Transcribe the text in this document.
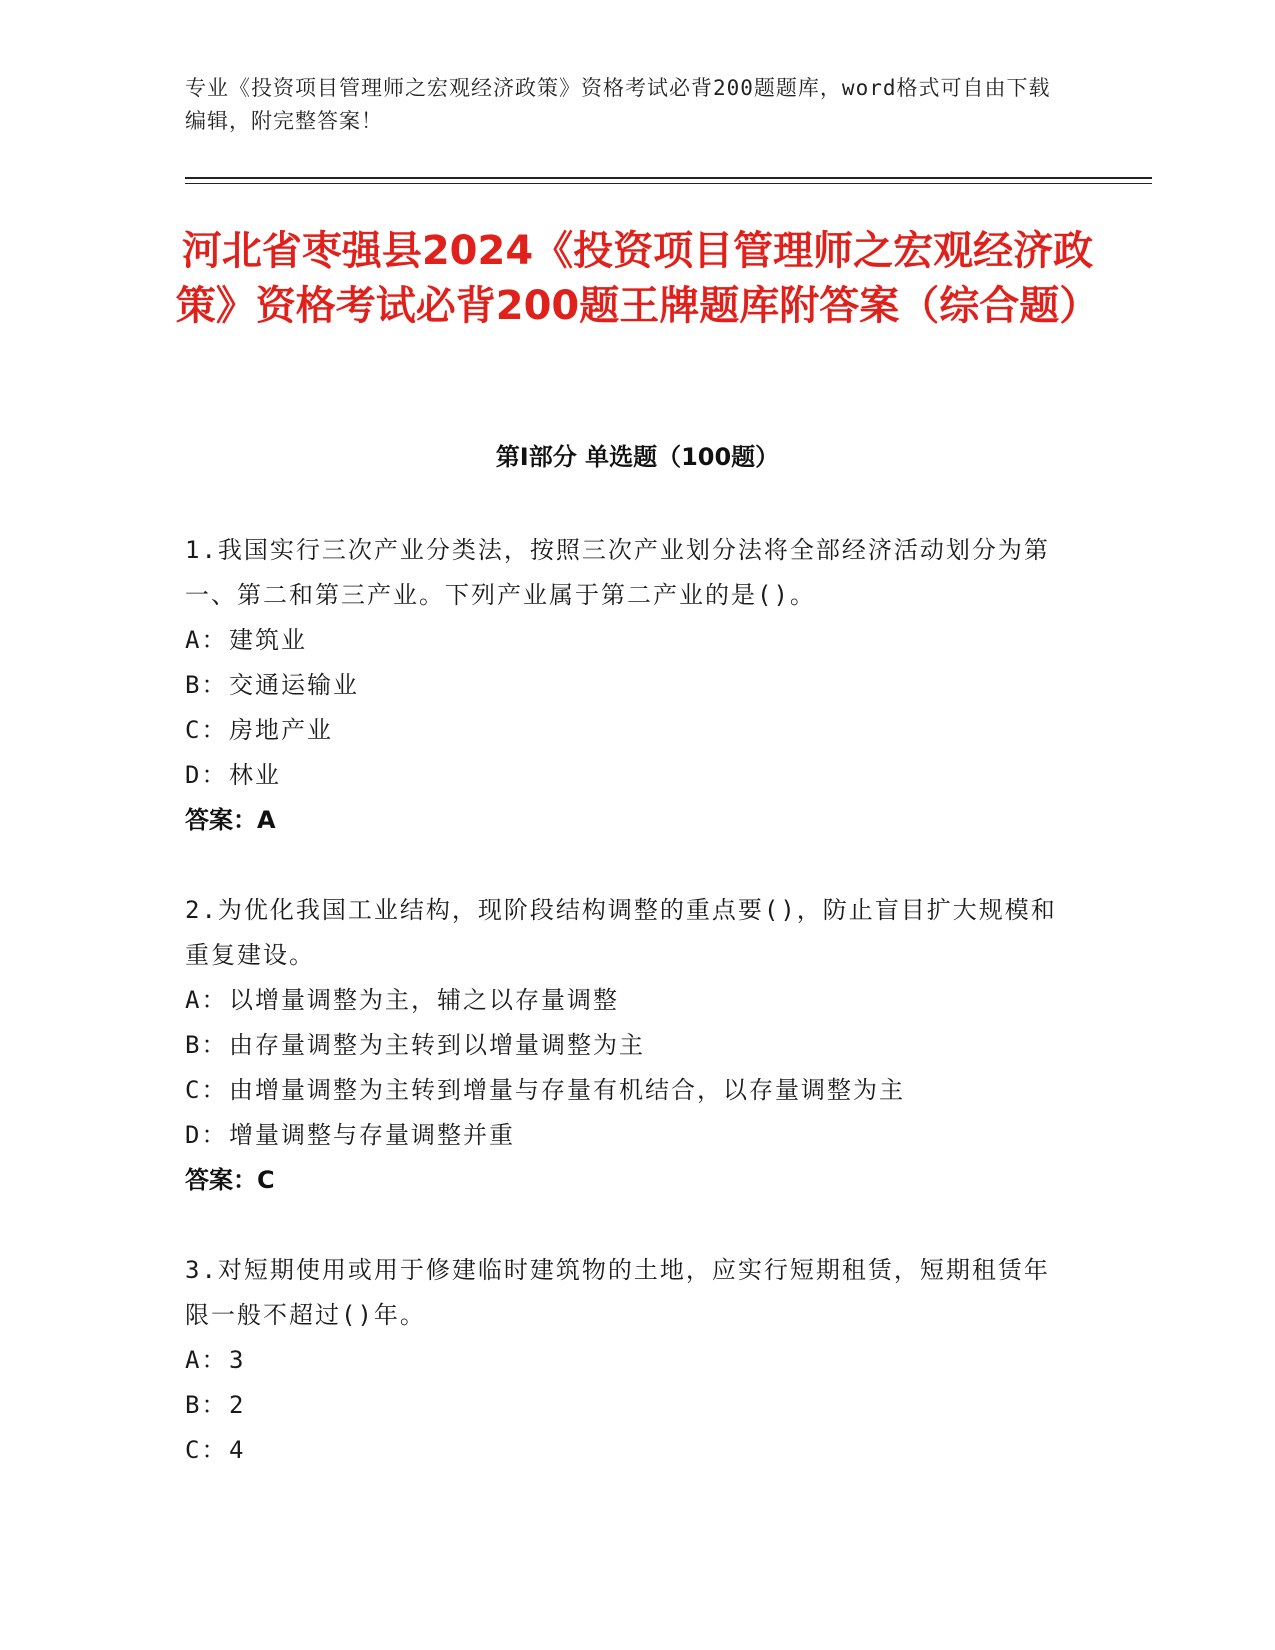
专业《投资项目管理师之宏观经济政策》资格考试必背200题题库，word格式可自由下载编辑，附完整答案！
河北省枣强县2024《投资项目管理师之宏观经济政策》资格考试必背200题王牌题库附答案（综合题）
第I部分 单选题（100题）
1.我国实行三次产业分类法，按照三次产业划分法将全部经济活动划分为第一、第二和第三产业。下列产业属于第二产业的是()。
A：建筑业
B：交通运输业
C：房地产业
D：林业
答案：A
2.为优化我国工业结构，现阶段结构调整的重点要()，防止盲目扩大规模和重复建设。
A：以增量调整为主，辅之以存量调整
B：由存量调整为主转到以增量调整为主
C：由增量调整为主转到增量与存量有机结合，以存量调整为主
D：增量调整与存量调整并重
答案：C
3.对短期使用或用于修建临时建筑物的土地，应实行短期租赁，短期租赁年限一般不超过()年。
A：3
B：2
C：4
